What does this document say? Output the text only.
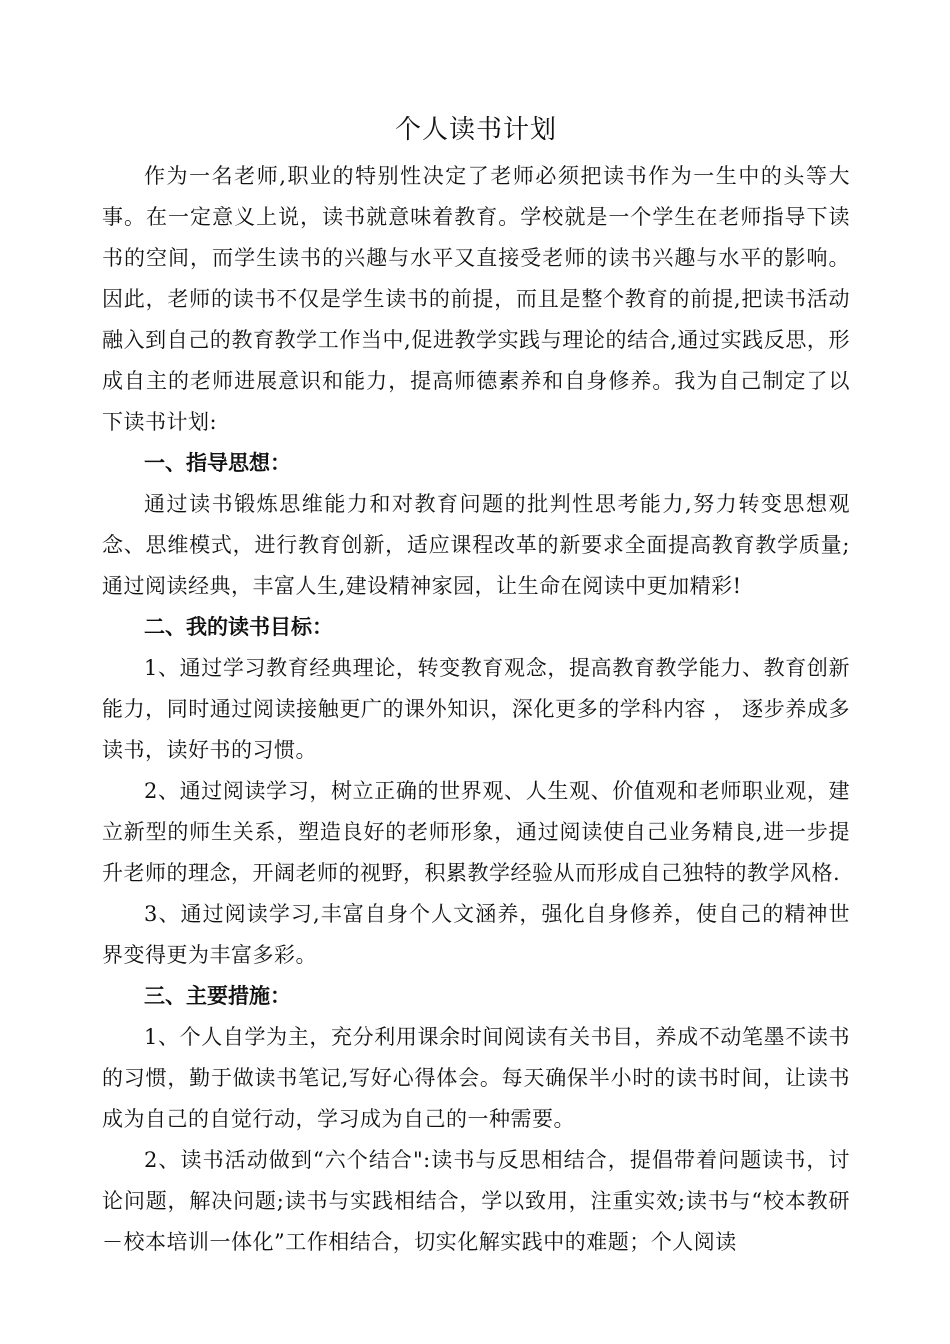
个人读书计划

作为一名老师,职业的特别性决定了老师必须把读书作为一生中的头等大事。在一定意义上说，读书就意味着教育。学校就是一个学生在老师指导下读书的空间，而学生读书的兴趣与水平又直接受老师的读书兴趣与水平的影响。因此，老师的读书不仅是学生读书的前提，而且是整个教育的前提,把读书活动融入到自己的教育教学工作当中,促进教学实践与理论的结合,通过实践反思，形成自主的老师进展意识和能力，提高师德素养和自身修养。我为自己制定了以下读书计划:

一、指导思想：

通过读书锻炼思维能力和对教育问题的批判性思考能力,努力转变思想观念、思维模式，进行教育创新，适应课程改革的新要求全面提高教育教学质量;通过阅读经典，丰富人生,建设精神家园，让生命在阅读中更加精彩!

二、我的读书目标：

1、通过学习教育经典理论，转变教育观念，提高教育教学能力、教育创新能力，同时通过阅读接触更广的课外知识，深化更多的学科内容 ， 逐步养成多读书，读好书的习惯。

2、通过阅读学习，树立正确的世界观、人生观、价值观和老师职业观，建立新型的师生关系，塑造良好的老师形象，通过阅读使自己业务精良,进一步提升老师的理念，开阔老师的视野，积累教学经验从而形成自己独特的教学风格.

3、通过阅读学习,丰富自身个人文涵养，强化自身修养，使自己的精神世界变得更为丰富多彩。

三、主要措施：

1、个人自学为主，充分利用课余时间阅读有关书目，养成不动笔墨不读书的习惯，勤于做读书笔记,写好心得体会。每天确保半小时的读书时间，让读书成为自己的自觉行动，学习成为自己的一种需要。

2、读书活动做到“六个结合":读书与反思相结合，提倡带着问题读书，讨论问题，解决问题;读书与实践相结合，学以致用，注重实效;读书与“校本教研－校本培训一体化”工作相结合，切实化解实践中的难题；个人阅读
